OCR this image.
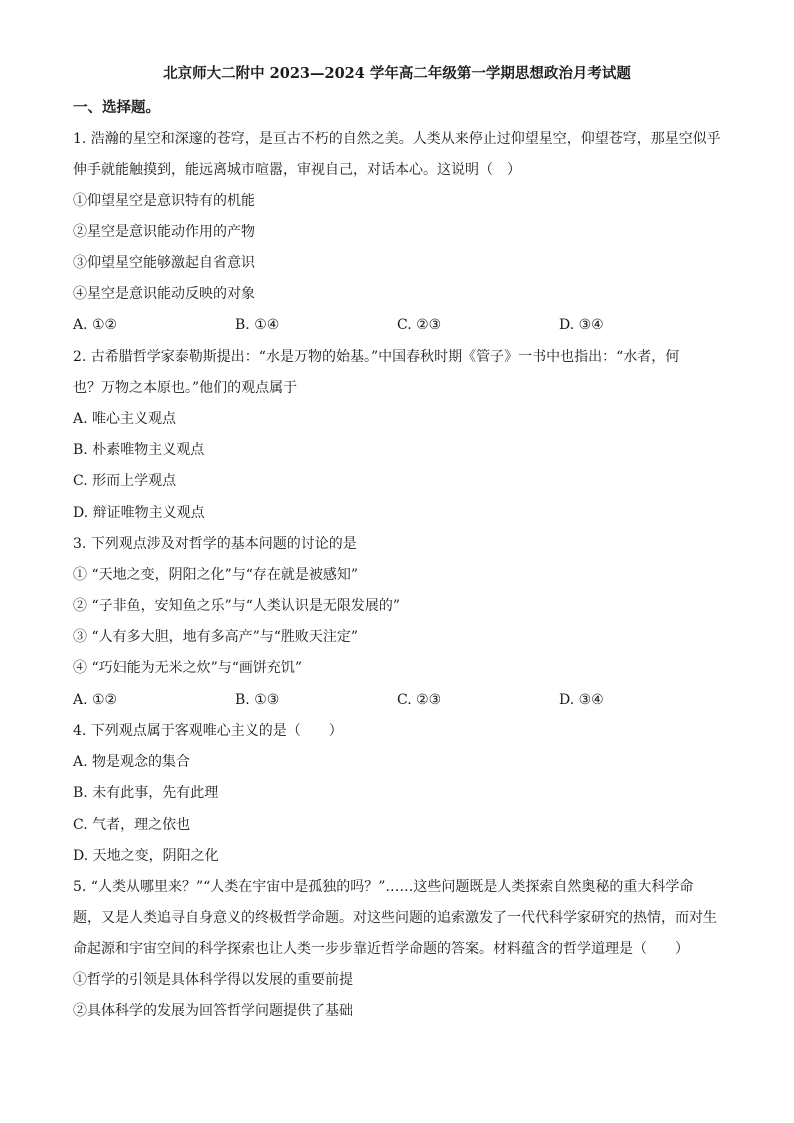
北京师大二附中 2023—2024 学年高二年级第一学期思想政治月考试题
一、选择题。
1. 浩瀚的星空和深邃的苍穹，是亘古不朽的自然之美。人类从来停止过仰望星空，仰望苍穹，那星空似乎
伸手就能触摸到，能远离城市喧嚣，审视自己，对话本心。这说明（　）
①仰望星空是意识特有的机能
②星空是意识能动作用的产物
③仰望星空能够激起自省意识
④星空是意识能动反映的对象
A. ①②	B. ①④	C. ②③	D. ③④
2. 古希腊哲学家泰勒斯提出：“水是万物的始基。”中国春秋时期《管子》一书中也指出：“水者，何
也？万物之本原也。”他们的观点属于
A. 唯心主义观点
B. 朴素唯物主义观点
C. 形而上学观点
D. 辩证唯物主义观点
3. 下列观点涉及对哲学的基本问题的讨论的是
① “天地之变，阴阳之化”与“存在就是被感知”
② “子非鱼，安知鱼之乐”与“人类认识是无限发展的”
③ “人有多大胆，地有多高产”与“胜败天注定”
④ “巧妇能为无米之炊”与“画饼充饥”
A. ①②	B. ①③	C. ②③	D. ③④
4. 下列观点属于客观唯心主义的是（　　）
A. 物是观念的集合
B. 未有此事，先有此理
C. 气者，理之依也
D. 天地之变，阴阳之化
5. “人类从哪里来？”“人类在宇宙中是孤独的吗？”……这些问题既是人类探索自然奥秘的重大科学命
题，又是人类追寻自身意义的终极哲学命题。对这些问题的追索激发了一代代科学家研究的热情，而对生
命起源和宇宙空间的科学探索也让人类一步步靠近哲学命题的答案。材料蕴含的哲学道理是（　　）
①哲学的引领是具体科学得以发展的重要前提
②具体科学的发展为回答哲学问题提供了基础
